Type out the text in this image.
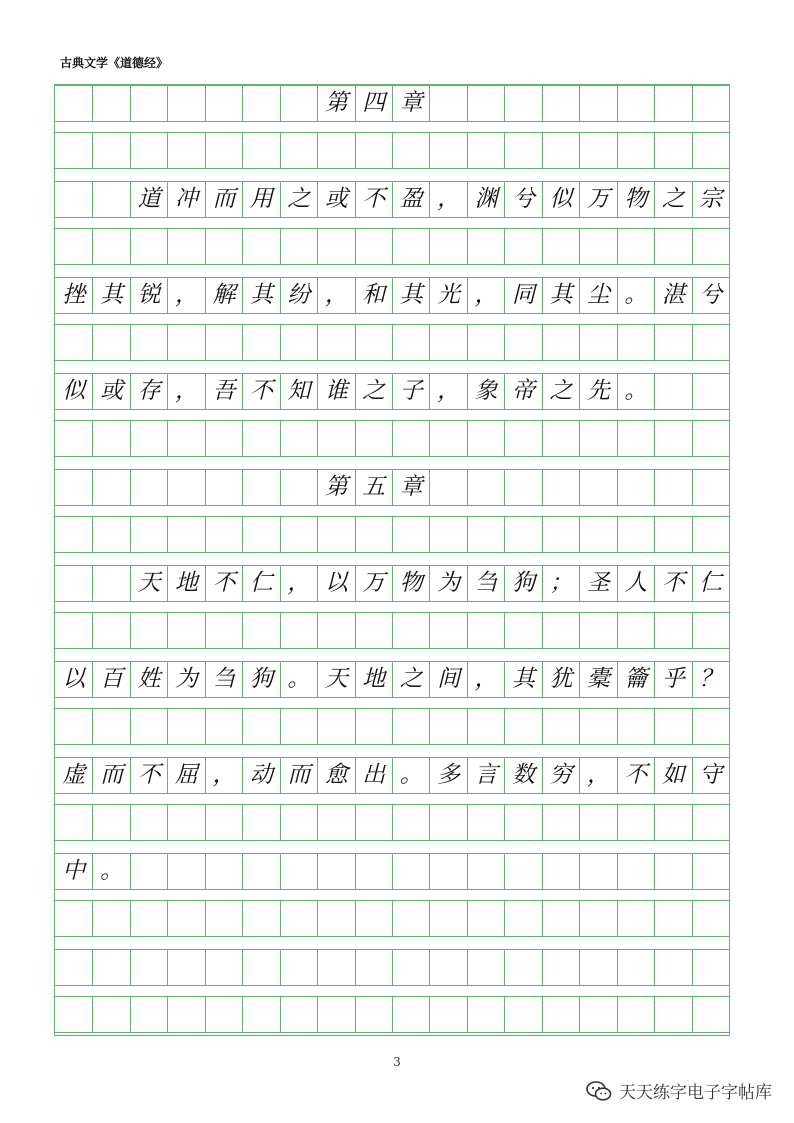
古典文学《道德经》
第 四 章
道 冲 而 用 之 或 不 盈 ， 渊 兮 似 万 物 之 宗
挫 其 锐 ， 解 其 纷 ， 和 其 光 ， 同 其 尘 。 湛 兮
似 或 存 ， 吾 不 知 谁 之 子 ， 象 帝 之 先 。
第 五 章
天 地 不 仁 ， 以 万 物 为 刍 狗 ； 圣 人 不 仁
以 百 姓 为 刍 狗 。 天 地 之 间 ， 其 犹 橐 籥 乎 ？
虚 而 不 屈 ， 动 而 愈 出 。 多 言 数 穷 ， 不 如 守
中 。
3
天天练字电子字帖库
